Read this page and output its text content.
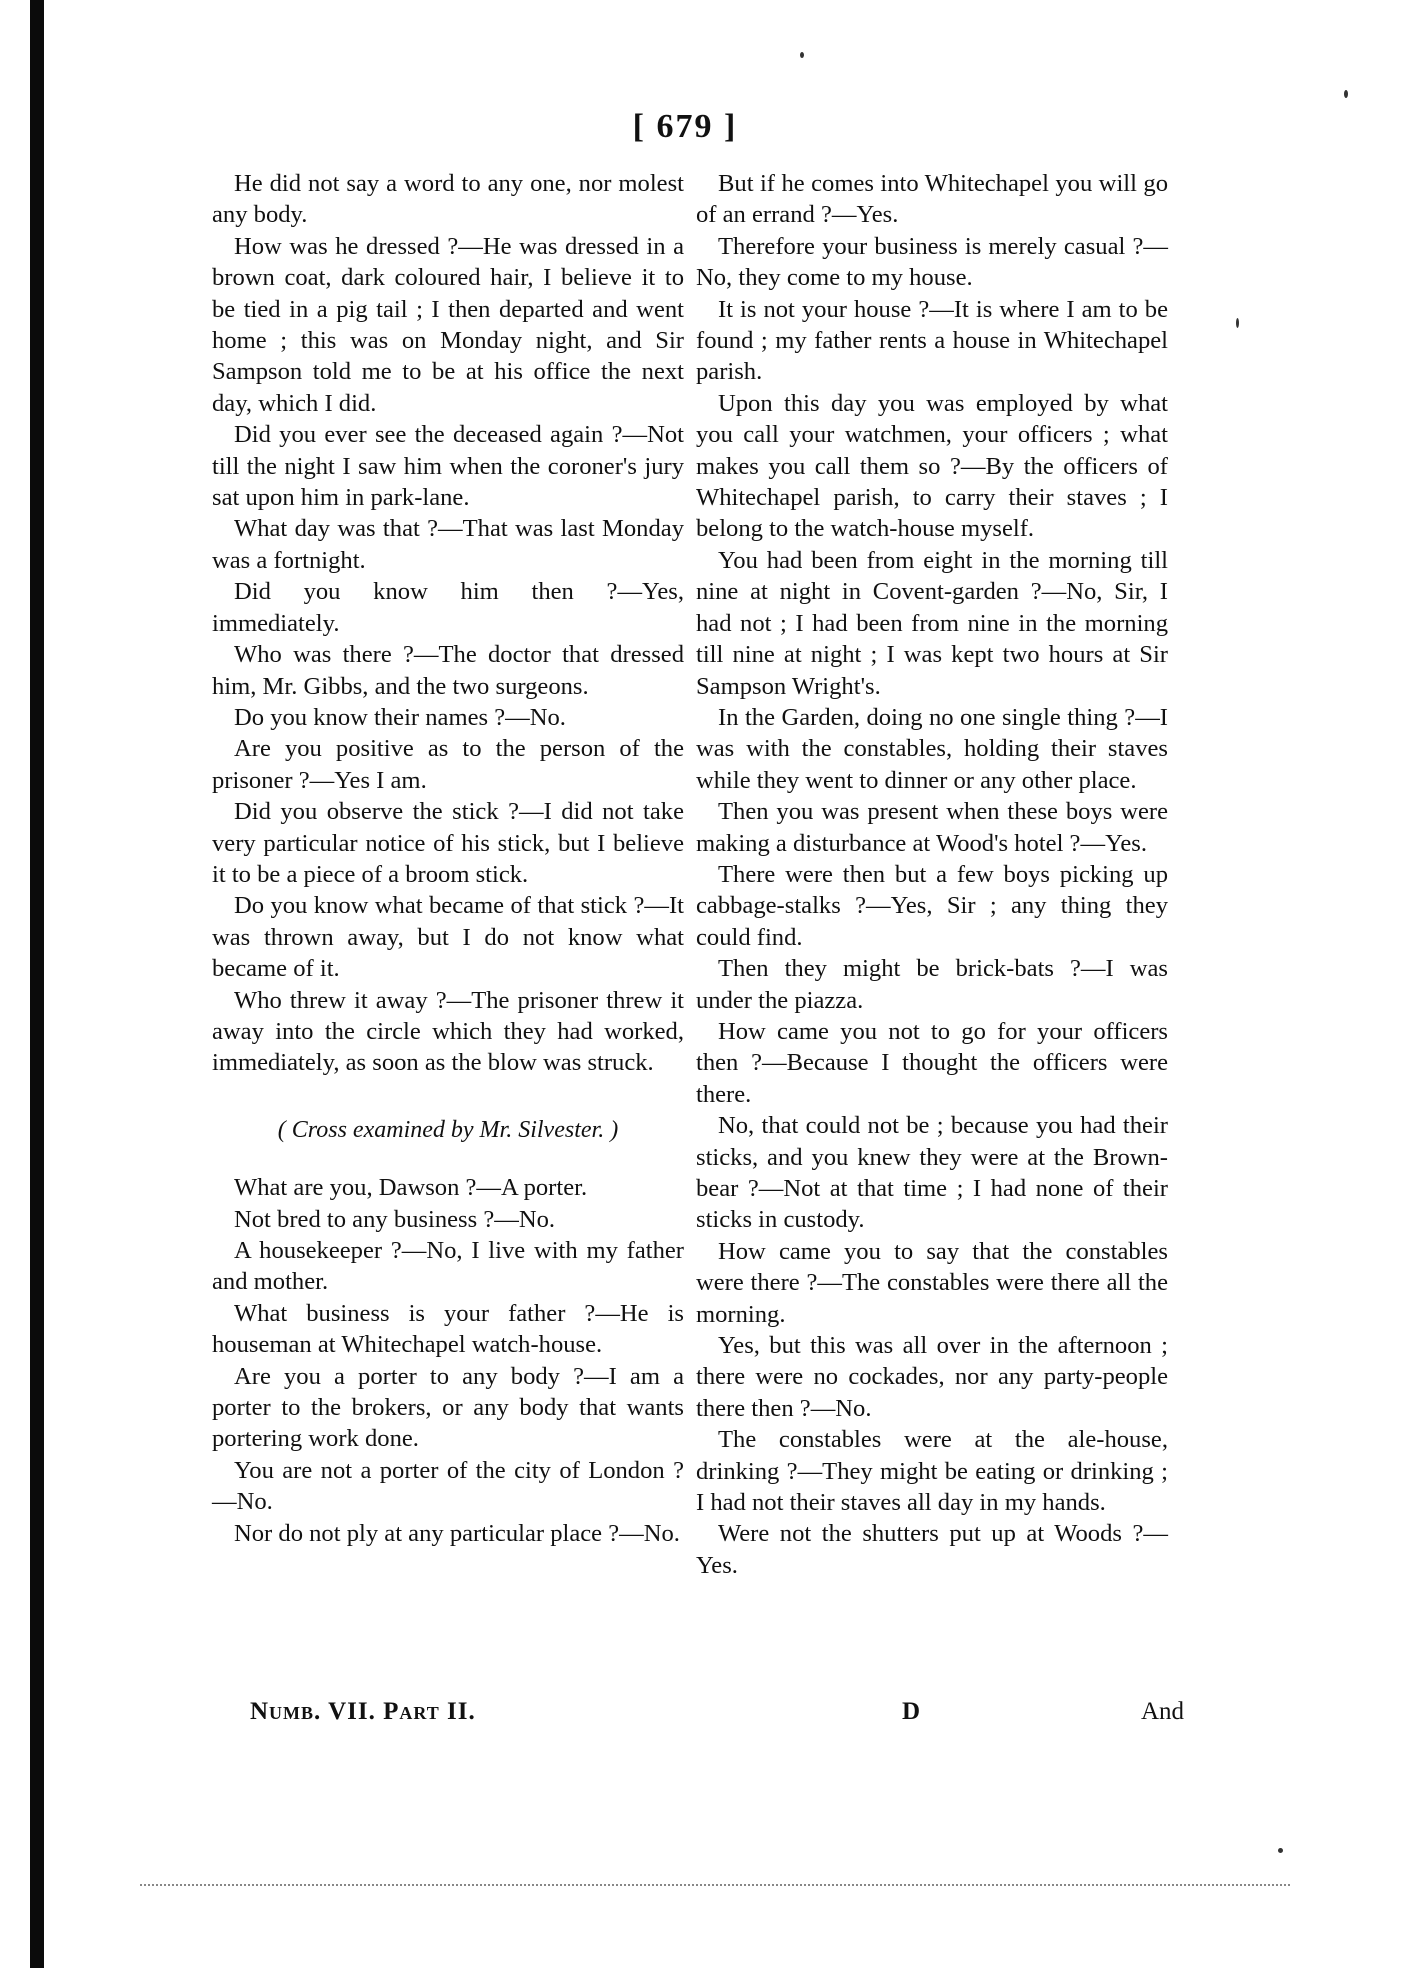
[ 679 ]

He did not say a word to any one, nor molest any body.

How was he dressed ?—He was dressed in a brown coat, dark coloured hair, I believe it to be tied in a pig tail ; I then departed and went home ; this was on Monday night, and Sir Sampson told me to be at his office the next day, which I did.

Did you ever see the deceased again ?—Not till the night I saw him when the coroner's jury sat upon him in park-lane.

What day was that ?—That was last Monday was a fortnight.

Did you know him then ?—Yes, immediately.

Who was there ?—The doctor that dressed him, Mr. Gibbs, and the two surgeons.

Do you know their names ?—No.

Are you positive as to the person of the prisoner ?—Yes I am.

Did you observe the stick ?—I did not take very particular notice of his stick, but I believe it to be a piece of a broom stick.

Do you know what became of that stick ?—It was thrown away, but I do not know what became of it.

Who threw it away ?—The prisoner threw it away into the circle which they had worked, immediately, as soon as the blow was struck.

( Cross examined by Mr. Silvester. )

What are you, Dawson ?—A porter.

Not bred to any business ?—No.

A housekeeper ?—No, I live with my father and mother.

What business is your father ?—He is houseman at Whitechapel watch-house.

Are you a porter to any body ?—I am a porter to the brokers, or any body that wants portering work done.

You are not a porter of the city of London ?—No.

Nor do not ply at any particular place ?—No.

But if he comes into Whitechapel you will go of an errand ?—Yes.

Therefore your business is merely casual ?—No, they come to my house.

It is not your house ?—It is where I am to be found ; my father rents a house in Whitechapel parish.

Upon this day you was employed by what you call your watchmen, your officers ; what makes you call them so ?—By the officers of Whitechapel parish, to carry their staves ; I belong to the watch-house myself.

You had been from eight in the morning till nine at night in Covent-garden ?—No, Sir, I had not ; I had been from nine in the morning till nine at night ; I was kept two hours at Sir Sampson Wright's.

In the Garden, doing no one single thing ?—I was with the constables, holding their staves while they went to dinner or any other place.

Then you was present when these boys were making a disturbance at Wood's hotel ?—Yes.

There were then but a few boys picking up cabbage-stalks ?—Yes, Sir ; any thing they could find.

Then they might be brick-bats ?—I was under the piazza.

How came you not to go for your officers then ?—Because I thought the officers were there.

No, that could not be ; because you had their sticks, and you knew they were at the Brown-bear ?—Not at that time ; I had none of their sticks in custody.

How came you to say that the constables were there ?—The constables were there all the morning.

Yes, but this was all over in the afternoon ; there were no cockades, nor any party-people there then ?—No.

The constables were at the ale-house, drinking ?—They might be eating or drinking ; I had not their staves all day in my hands.

Were not the shutters put up at Woods ?—Yes.

Numb. VII. Part II.	D	And
